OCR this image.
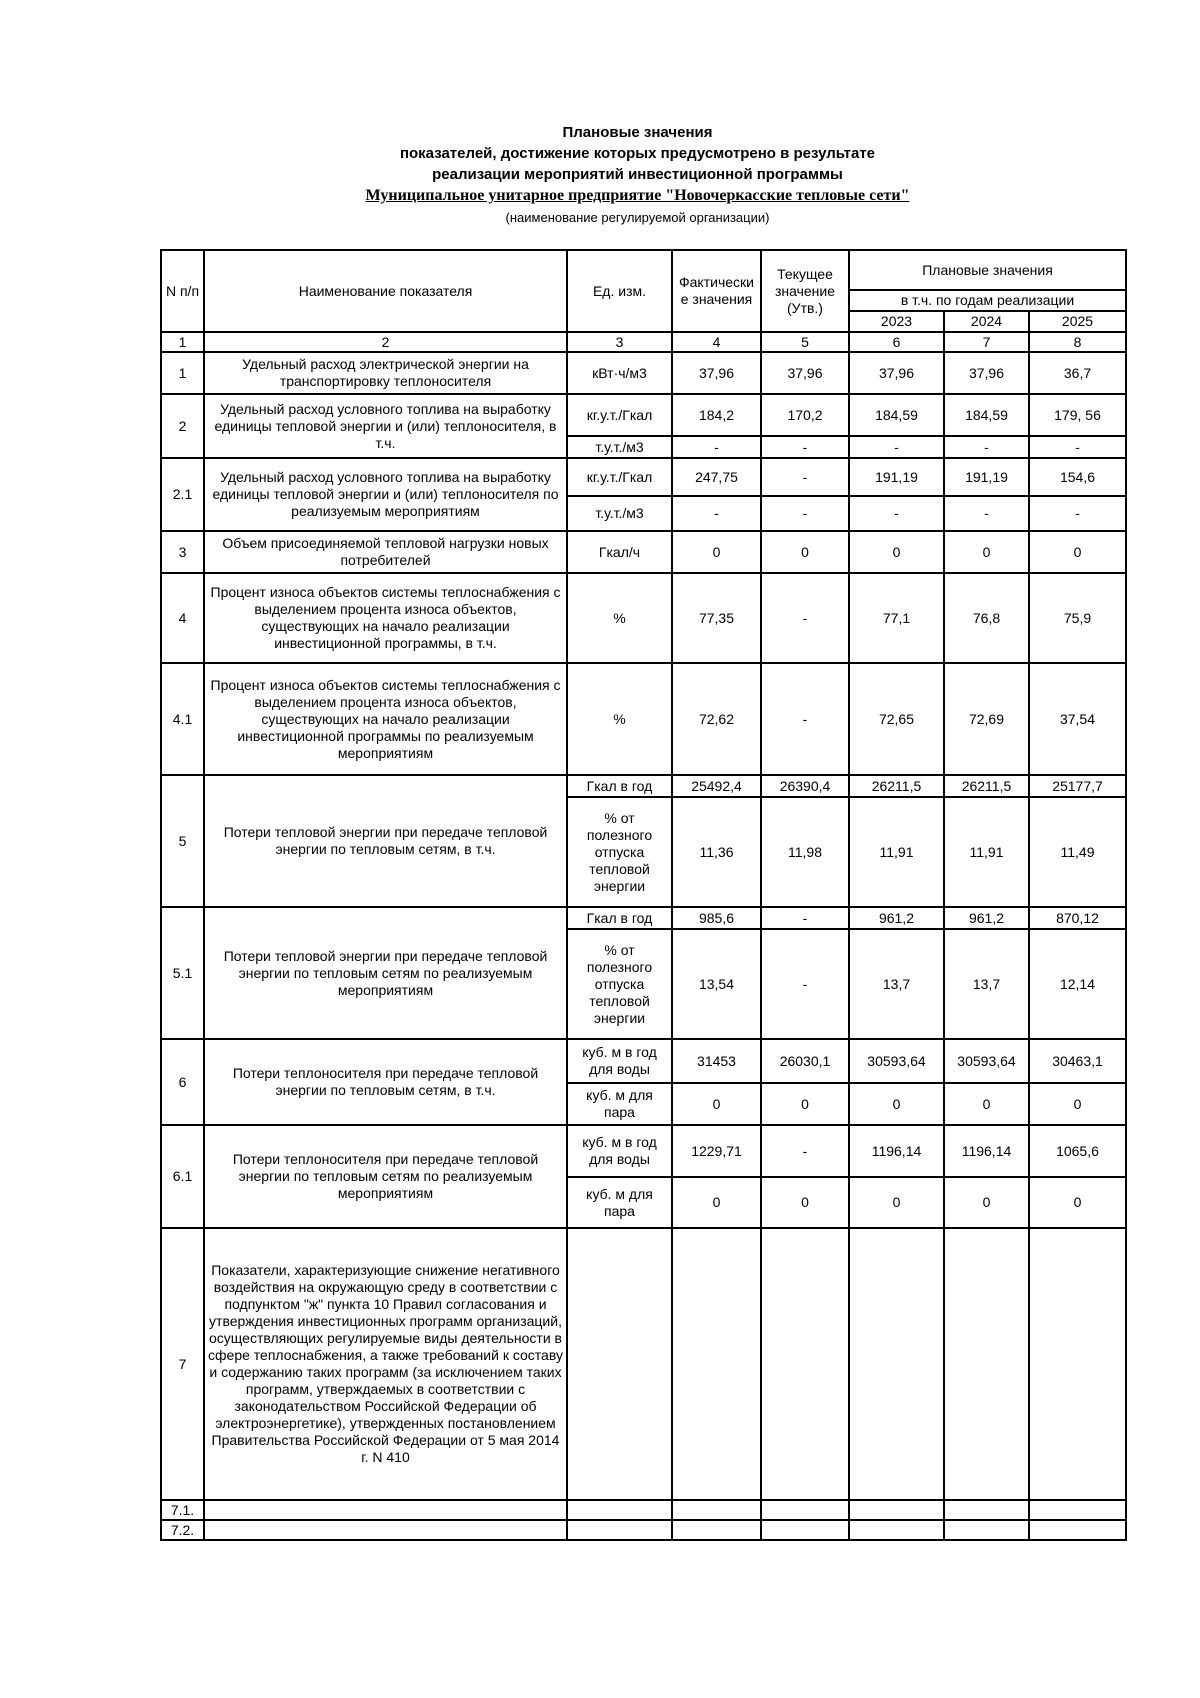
Плановые значения
показателей, достижение которых предусмотрено в результате
реализации мероприятий инвестиционной программы
Муниципальное унитарное предприятие "Новочеркасские тепловые сети"
(наименование регулируемой организации)
N п/п	Наименование показателя	Ед. изм.	Фактически е значения	Текущее значение (Утв.)	Плановые значения		
					в т.ч. по годам реализации		
					2023	2024	2025
1	2	3	4	5	6	7	8
1	Удельный расход электрической энергии на транспортировку теплоносителя	кВт·ч/м3	37,96	37,96	37,96	37,96	36,7
2	Удельный расход условного топлива на выработку единицы тепловой энергии и (или) теплоносителя, в т.ч.	кг.у.т./Гкал	184,2	170,2	184,59	184,59	179, 56
		т.у.т./м3	-	-	-	-	-
2.1	Удельный расход условного топлива на выработку единицы тепловой энергии и (или) теплоносителя по реализуемым мероприятиям	кг.у.т./Гкал	247,75	-	191,19	191,19	154,6
		т.у.т./м3	-	-	-	-	-
3	Объем присоединяемой тепловой нагрузки новых потребителей	Гкал/ч	0	0	0	0	0
4	Процент износа объектов системы теплоснабжения с выделением процента износа объектов, существующих на начало реализации инвестиционной программы, в т.ч.	%	77,35	-	77,1	76,8	75,9
4.1	Процент износа объектов системы теплоснабжения с выделением процента износа объектов, существующих на начало реализации инвестиционной программы по реализуемым мероприятиям	%	72,62	-	72,65	72,69	37,54
5	Потери тепловой энергии при передаче тепловой энергии по тепловым сетям, в т.ч.	Гкал в год	25492,4	26390,4	26211,5	26211,5	25177,7
		% от полезного отпуска тепловой энергии	11,36	11,98	11,91	11,91	11,49
5.1	Потери тепловой энергии при передаче тепловой энергии по тепловым сетям по реализуемым мероприятиям	Гкал в год	985,6	-	961,2	961,2	870,12
		% от полезного отпуска тепловой энергии	13,54	-	13,7	13,7	12,14
6	Потери теплоносителя при передаче тепловой энергии по тепловым сетям, в т.ч.	куб. м в год для воды	31453	26030,1	30593,64	30593,64	30463,1
		куб. м для пара	0	0	0	0	0
6.1	Потери теплоносителя при передаче тепловой энергии по тепловым сетям по реализуемым мероприятиям	куб. м в год для воды	1229,71	-	1196,14	1196,14	1065,6
		куб. м для пара	0	0	0	0	0
7	Показатели, характеризующие снижение негативного воздействия на окружающую среду в соответствии с подпунктом "ж" пункта 10 Правил согласования и утверждения инвестиционных программ организаций, осуществляющих регулируемые виды деятельности в сфере теплоснабжения, а также требований к составу и содержанию таких программ (за исключением таких программ, утверждаемых в соответствии с законодательством Российской Федерации об электроэнергетике), утвержденных постановлением Правительства Российской Федерации от 5 мая 2014 г. N 410						
7.1.							
7.2.							
